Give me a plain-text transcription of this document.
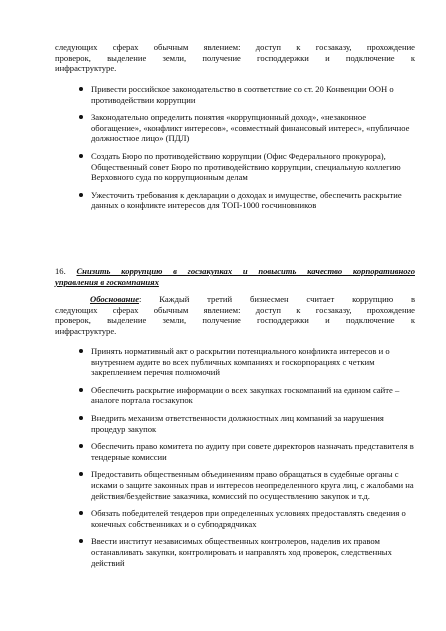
следующих сферах обычным явлением: доступ к госзаказу, прохождение
проверок, выделение земли, получение господдержки и подключение к
инфраструктуре.
Привести российское законодательство в соответствие со ст. 20 Конвенции ООН о противодействии коррупции
Законодательно определить понятия «коррупционный доход», «незаконное обогащение», «конфликт интересов», «совместный финансовый интерес», «публичное должностное лицо» (ПДЛ)
Создать Бюро по противодействию коррупции (Офис Федерального прокурора), Общественный совет Бюро по противодействию коррупции, специальную коллегию Верховного суда по коррупционным делам
Ужесточить требования к декларации о доходах и имуществе, обеспечить раскрытие данных о конфликте интересов для ТОП-1000 госчиновников
16. Снизить коррупцию в госзакупках и повысить качество корпоративного
управления в госкомпаниях
Обоснование: Каждый третий бизнесмен считает коррупцию в
следующих сферах обычным явлением: доступ к госзаказу, прохождение
проверок, выделение земли, получение господдержки и подключение к
инфраструктуре.
Принять нормативный акт о раскрытии потенциального конфликта интересов и о внутреннем аудите во всех публичных компаниях и госкорпорациях с четким закреплением перечня полномочий
Обеспечить раскрытие информации о всех закупках госкомпаний на едином сайте – аналоге портала госзакупок
Внедрить механизм ответственности должностных лиц компаний за нарушения процедур закупок
Обеспечить право комитета по аудиту при совете директоров назначать представителя в тендерные комиссии
Предоставить общественным объединениям право обращаться в судебные органы с исками о защите законных прав и интересов неопределенного круга лиц, с жалобами на действия/бездействие заказчика, комиссий по осуществлению закупок и т.д.
Обязать победителей тендеров при определенных условиях предоставлять сведения о конечных собственниках и о субподрядчиках
Ввести институт независимых общественных контролеров, наделив их правом останавливать закупки, контролировать и направлять ход проверок, следственных действий
